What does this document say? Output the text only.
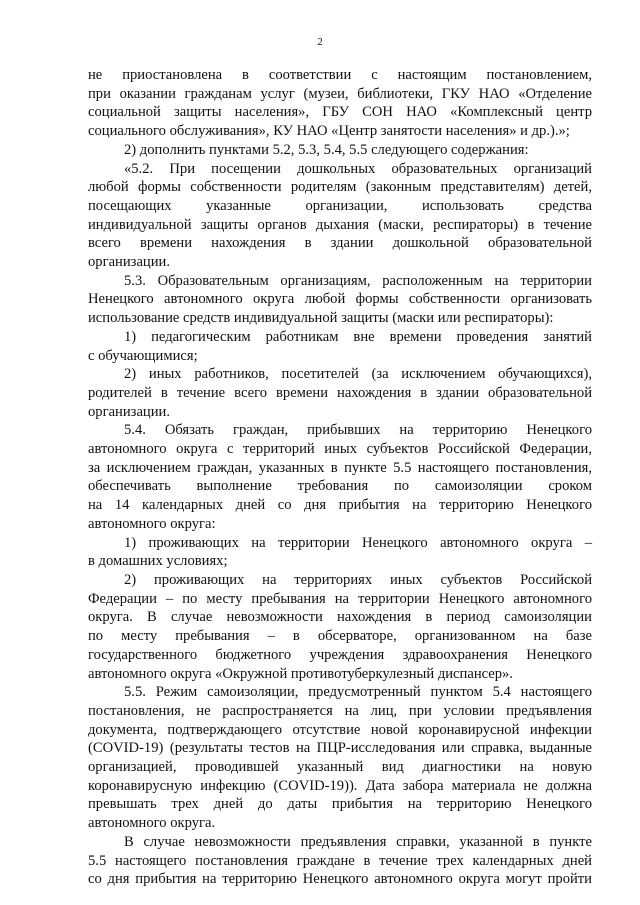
2

не приостановлена в соответствии с настоящим постановлением,
при оказании гражданам услуг (музеи, библиотеки, ГКУ НАО «Отделение
социальной защиты населения», ГБУ СОН НАО «Комплексный центр
социального обслуживания», КУ НАО «Центр занятости населения» и др.).»;

2) дополнить пунктами 5.2, 5.3, 5.4, 5.5 следующего содержания:

«5.2. При посещении дошкольных образовательных организаций
любой формы собственности родителям (законным представителям) детей,
посещающих указанные организации, использовать средства
индивидуальной защиты органов дыхания (маски, респираторы) в течение
всего времени нахождения в здании дошкольной образовательной
организации.

5.3. Образовательным организациям, расположенным на территории
Ненецкого автономного округа любой формы собственности организовать
использование средств индивидуальной защиты (маски или респираторы):

1) педагогическим работникам вне времени проведения занятий
с обучающимися;

2) иных работников, посетителей (за исключением обучающихся),
родителей в течение всего времени нахождения в здании образовательной
организации.

5.4. Обязать граждан, прибывших на территорию Ненецкого
автономного округа с территорий иных субъектов Российской Федерации,
за исключением граждан, указанных в пункте 5.5 настоящего постановления,
обеспечивать выполнение требования по самоизоляции сроком
на 14 календарных дней со дня прибытия на территорию Ненецкого
автономного округа:

1) проживающих на территории Ненецкого автономного округа –
в домашних условиях;

2) проживающих на территориях иных субъектов Российской
Федерации – по месту пребывания на территории Ненецкого автономного
округа. В случае невозможности нахождения в период самоизоляции
по месту пребывания – в обсерваторе, организованном на базе
государственного бюджетного учреждения здравоохранения Ненецкого
автономного округа «Окружной противотуберкулезный диспансер».

5.5. Режим самоизоляции, предусмотренный пунктом 5.4 настоящего
постановления, не распространяется на лиц, при условии предъявления
документа, подтверждающего отсутствие новой коронавирусной инфекции
(COVID-19) (результаты тестов на ПЦР-исследования или справка, выданные
организацией, проводившей указанный вид диагностики на новую
коронавирусную инфекцию (COVID-19)). Дата забора материала не должна
превышать трех дней до даты прибытия на территорию Ненецкого
автономного округа.

В случае невозможности предъявления справки, указанной в пункте
5.5 настоящего постановления граждане в течение трех календарных дней
со дня прибытия на территорию Ненецкого автономного округа могут пройти
